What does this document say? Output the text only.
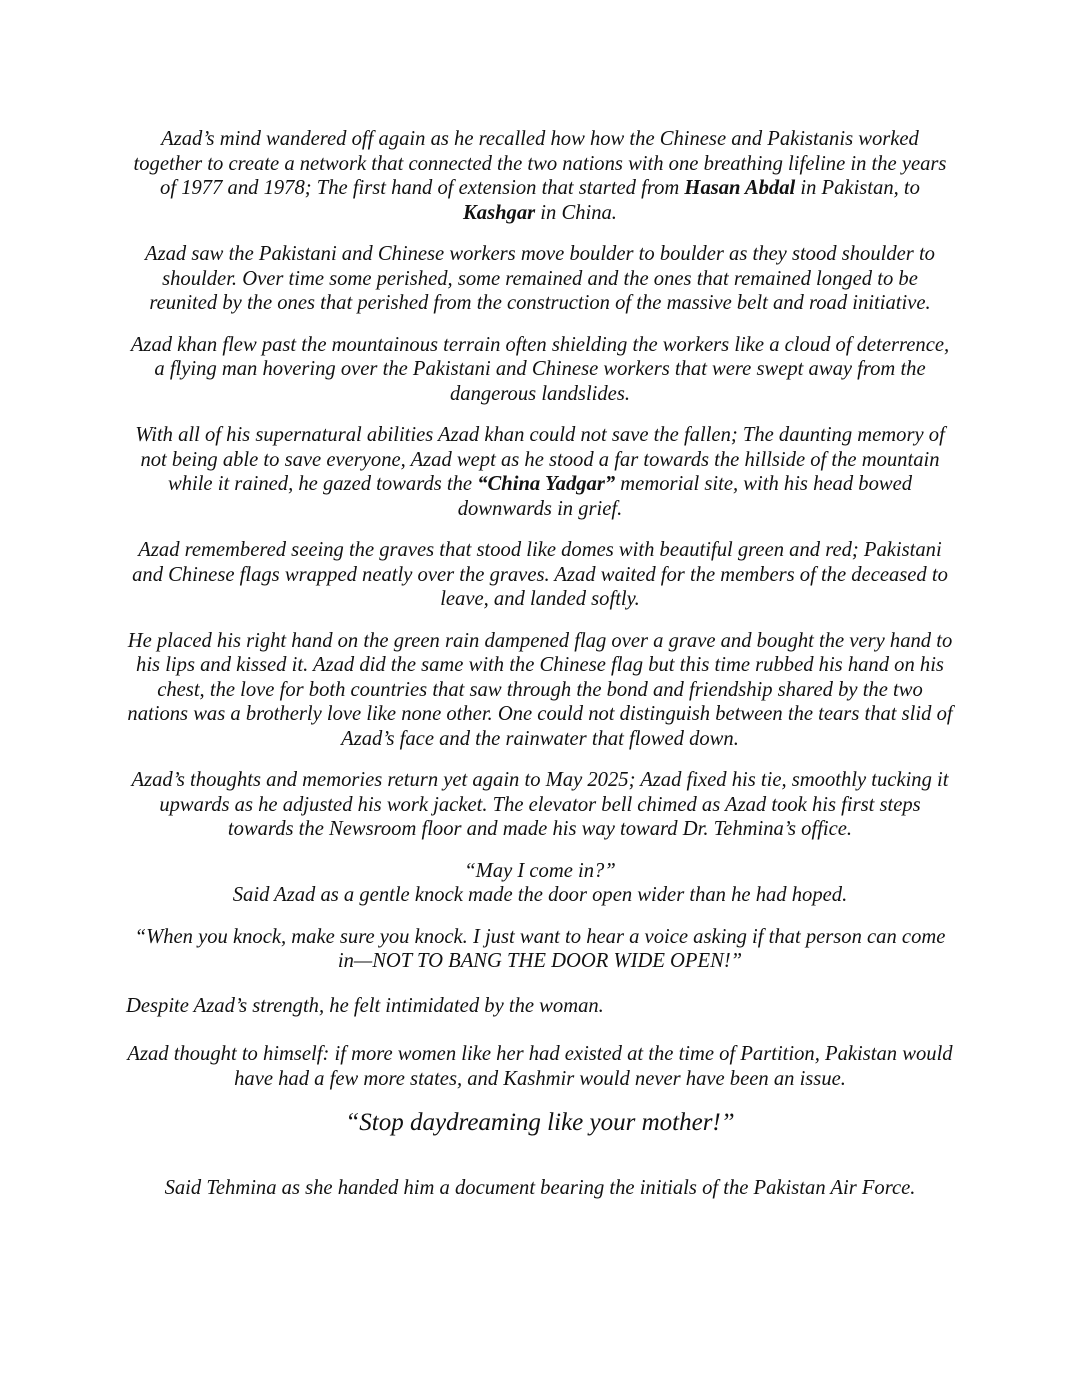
Azad’s mind wandered off again as he recalled how how the Chinese and Pakistanis worked together to create a network that connected the two nations with one breathing lifeline in the years of 1977 and 1978; The first hand of extension that started from Hasan Abdal in Pakistan, to Kashgar in China.

Azad saw the Pakistani and Chinese workers move boulder to boulder as they stood shoulder to shoulder. Over time some perished, some remained and the ones that remained longed to be reunited by the ones that perished from the construction of the massive belt and road initiative.

Azad khan flew past the mountainous terrain often shielding the workers like a cloud of deterrence, a flying man hovering over the Pakistani and Chinese workers that were swept away from the dangerous landslides.

With all of his supernatural abilities Azad khan could not save the fallen; The daunting memory of not being able to save everyone, Azad wept as he stood a far towards the hillside of the mountain while it rained, he gazed towards the “China Yadgar” memorial site, with his head bowed downwards in grief.

Azad remembered seeing the graves that stood like domes with beautiful green and red; Pakistani and Chinese flags wrapped neatly over the graves. Azad waited for the members of the deceased to leave, and landed softly.

He placed his right hand on the green rain dampened flag over a grave and bought the very hand to his lips and kissed it. Azad did the same with the Chinese flag but this time rubbed his hand on his chest, the love for both countries that saw through the bond and friendship shared by the two nations was a brotherly love like none other. One could not distinguish between the tears that slid of Azad’s face and the rainwater that flowed down.

Azad’s thoughts and memories return yet again to May 2025; Azad fixed his tie, smoothly tucking it upwards as he adjusted his work jacket. The elevator bell chimed as Azad took his first steps towards the Newsroom floor and made his way toward Dr. Tehmina’s office.

“May I come in?”
Said Azad as a gentle knock made the door open wider than he had hoped.

“When you knock, make sure you knock. I just want to hear a voice asking if that person can come in—NOT TO BANG THE DOOR WIDE OPEN!”

Despite Azad’s strength, he felt intimidated by the woman.

Azad thought to himself: if more women like her had existed at the time of Partition, Pakistan would have had a few more states, and Kashmir would never have been an issue.

“Stop daydreaming like your mother!”

Said Tehmina as she handed him a document bearing the initials of the Pakistan Air Force.
